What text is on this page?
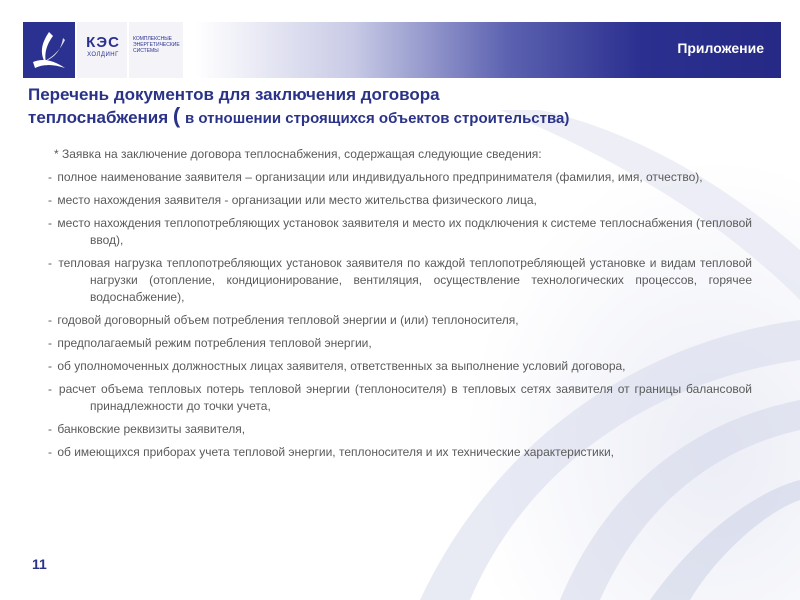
КЭС
ХОЛДИНГ
КОМПЛЕКСНЫЕ ЭНЕРГЕТИЧЕСКИЕ СИСТЕМЫ	Приложение
Перечень документов для заключения договора
теплоснабжения ( в отношении строящихся объектов строительства)
* Заявка на заключение договора теплоснабжения, содержащая следующие сведения:
- полное наименование заявителя – организации или индивидуального предпринимателя (фамилия, имя, отчество),
- место нахождения заявителя - организации или место жительства физического лица,
- место нахождения теплопотребляющих установок заявителя и место их подключения к системе теплоснабжения (тепловой ввод),
- тепловая нагрузка теплопотребляющих установок заявителя по каждой теплопотребляющей установке и видам тепловой нагрузки (отопление, кондиционирование, вентиляция, осуществление технологических процессов, горячее водоснабжение),
- годовой договорный объем потребления тепловой энергии и (или) теплоносителя,
- предполагаемый режим потребления тепловой энергии,
- об уполномоченных должностных лицах заявителя, ответственных за выполнение условий договора,
- расчет объема тепловых потерь тепловой энергии (теплоносителя) в тепловых сетях заявителя от границы балансовой принадлежности до точки учета,
- банковские реквизиты заявителя,
- об имеющихся приборах учета тепловой энергии, теплоносителя и их технические характеристики,
11
